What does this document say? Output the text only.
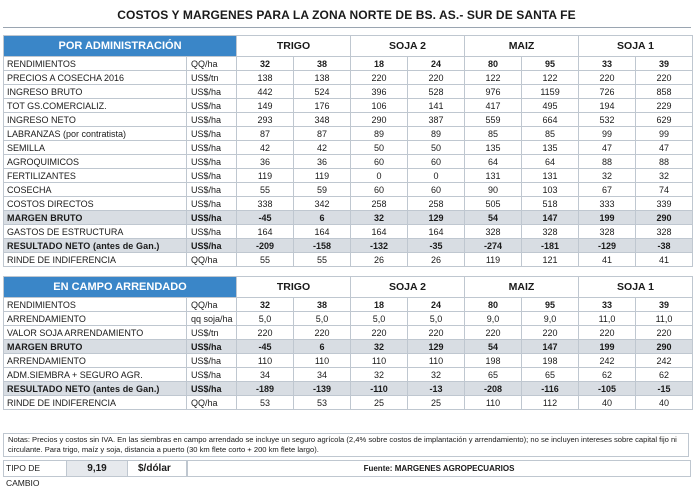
COSTOS Y MARGENES PARA LA ZONA NORTE DE BS. AS.- SUR DE SANTA FE
POR ADMINISTRACIÓN		TRIGO		SOJA 2		MAIZ		SOJA 1	
RENDIMIENTOS	QQ/ha	32	38	18	24	80	95	33	39
PRECIOS A COSECHA 2016	US$/tn	138	138	220	220	122	122	220	220
INGRESO BRUTO	US$/ha	442	524	396	528	976	1159	726	858
TOT GS.COMERCIALIZ.	US$/ha	149	176	106	141	417	495	194	229
INGRESO NETO	US$/ha	293	348	290	387	559	664	532	629
LABRANZAS (por contratista)	US$/ha	87	87	89	89	85	85	99	99
SEMILLA	US$/ha	42	42	50	50	135	135	47	47
AGROQUIMICOS	US$/ha	36	36	60	60	64	64	88	88
FERTILIZANTES	US$/ha	119	119	0	0	131	131	32	32
COSECHA	US$/ha	55	59	60	60	90	103	67	74
COSTOS DIRECTOS	US$/ha	338	342	258	258	505	518	333	339
MARGEN BRUTO	US$/ha	-45	6	32	129	54	147	199	290
GASTOS DE ESTRUCTURA	US$/ha	164	164	164	164	328	328	328	328
RESULTADO NETO (antes de Gan.)	US$/ha	-209	-158	-132	-35	-274	-181	-129	-38
RINDE DE INDIFERENCIA	QQ/ha	55	55	26	26	119	121	41	41
EN CAMPO ARRENDADO		TRIGO		SOJA 2		MAIZ		SOJA 1	
RENDIMIENTOS	QQ/ha	32	38	18	24	80	95	33	39
ARRENDAMIENTO	qq soja/ha	5,0	5,0	5,0	5,0	9,0	9,0	11,0	11,0
VALOR SOJA ARRENDAMIENTO	US$/tn	220	220	220	220	220	220	220	220
MARGEN BRUTO	US$/ha	-45	6	32	129	54	147	199	290
ARRENDAMIENTO	US$/ha	110	110	110	110	198	198	242	242
ADM.SIEMBRA + SEGURO AGR.	US$/ha	34	34	32	32	65	65	62	62
RESULTADO NETO (antes de Gan.)	US$/ha	-189	-139	-110	-13	-208	-116	-105	-15
RINDE DE INDIFERENCIA	QQ/ha	53	53	25	25	110	112	40	40
Notas: Precios y costos sin IVA. En las siembras en campo arrendado se incluye un seguro agrícola (2,4% sobre costos de implantación y arrendamiento); no se incluyen intereses sobre capital fijo ni circulante. Para trigo, maíz y soja, distancia a puerto (30 km flete corto + 200 km flete largo).
TIPO DE CAMBIO
9,19	$/dólar	Fuente: MARGENES AGROPECUARIOS
